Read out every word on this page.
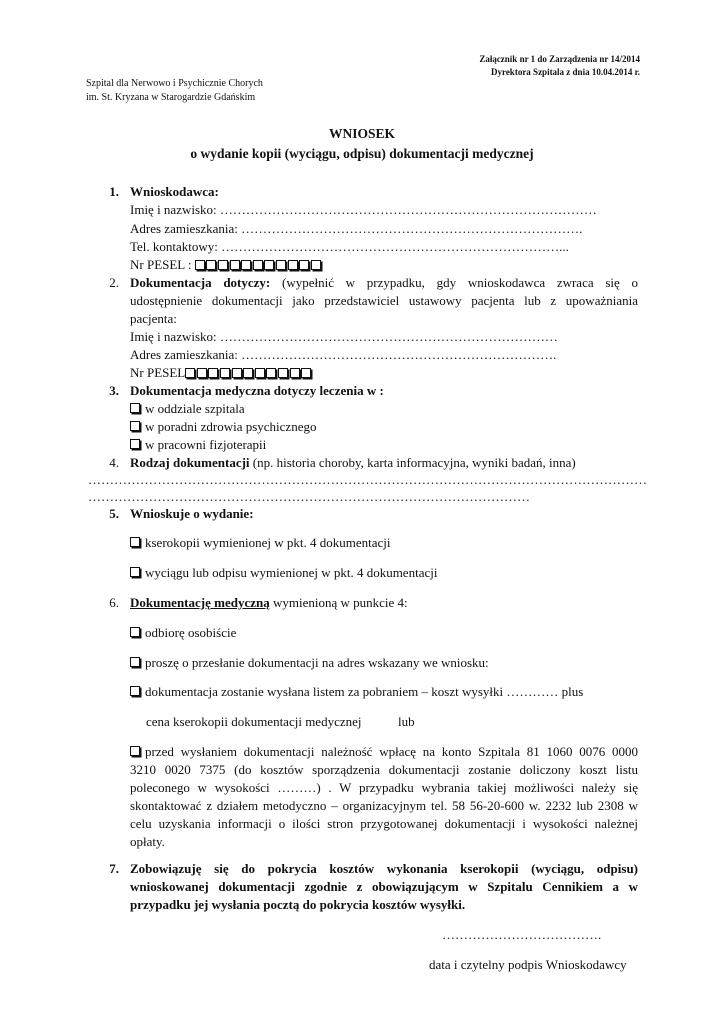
Załącznik nr 1 do Zarządzenia nr 14/2014
Dyrektora Szpitala z dnia 10.04.2014 r.
Szpital dla Nerwowo i Psychicznie Chorych
im. St. Kryzana w Starogardzie Gdańskim
WNIOSEK
o wydanie kopii (wyciągu, odpisu) dokumentacji medycznej
1. Wnioskodawca:
Imię i nazwisko: ……………………………………………………………………………
Adres zamieszkania: …………………………………………………………………….
Tel. kontaktowy: ……………………………………………………………………...
Nr PESEL :
2. Dokumentacja dotyczy: (wypełnić w przypadku, gdy wnioskodawca zwraca się o
udostępnienie dokumentacji jako przedstawiciel ustawowy pacjenta lub z upoważniania
pacjenta:
Imię i nazwisko: ……………………………………………………………………
Adres zamieszkania: ……………………………………………………………….
Nr PESEL
3. Dokumentacja medyczna dotyczy leczenia w :
w oddziale szpitala
w poradni zdrowia psychicznego
w pracowni fizjoterapii
4. Rodzaj dokumentacji (np. historia choroby, karta informacyjna, wyniki badań, inna)
…………………………………………………………………………………………………………………
…………………………………………………………………………………………
5. Wnioskuje o wydanie:
kserokopii wymienionej w pkt. 4 dokumentacji
wyciągu lub odpisu wymienionej w pkt. 4 dokumentacji
6. Dokumentację medyczną wymienioną w punkcie 4:
odbiorę osobiście
proszę o przesłanie dokumentacji na adres wskazany we wniosku:
dokumentacja zostanie wysłana listem za pobraniem – koszt wysyłki ………… plus
cena kserokopii dokumentacji medycznej	lub
przed wysłaniem dokumentacji należność wpłacę na konto Szpitala 81 1060 0076 0000
3210 0020 7375 (do kosztów sporządzenia dokumentacji zostanie doliczony koszt listu
poleconego w wysokości ………) . W przypadku wybrania takiej możliwości należy się
skontaktować z działem metodyczno – organizacyjnym tel. 58 56-20-600 w. 2232 lub 2308 w
celu uzyskania informacji o ilości stron przygotowanej dokumentacji i wysokości należnej
opłaty.
7. Zobowiązuję się do pokrycia kosztów wykonania kserokopii (wyciągu, odpisu)
wnioskowanej dokumentacji zgodnie z obowiązującym w Szpitalu Cennikiem a w
przypadku jej wysłania pocztą do pokrycia kosztów wysyłki.
……………………………….
data i czytelny podpis Wnioskodawcy
